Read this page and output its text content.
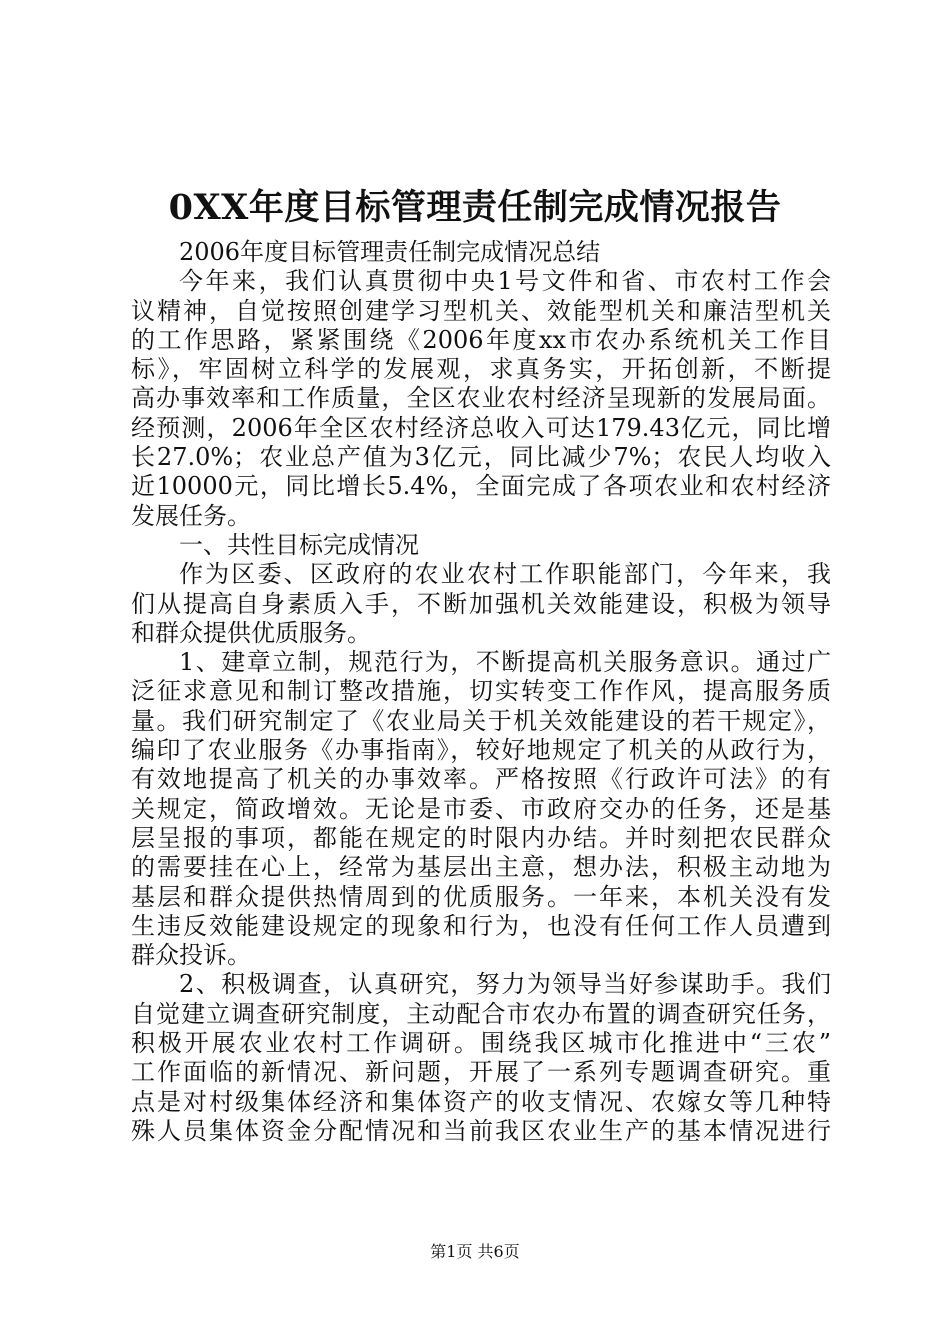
0XX年度目标管理责任制完成情况报告
2006年度目标管理责任制完成情况总结
今年来，我们认真贯彻中央1号文件和省、市农村工作会
议精神，自觉按照创建学习型机关、效能型机关和廉洁型机关
的工作思路，紧紧围绕《2006年度xx市农办系统机关工作目
标》，牢固树立科学的发展观，求真务实，开拓创新，不断提
高办事效率和工作质量，全区农业农村经济呈现新的发展局面。
经预测，2006年全区农村经济总收入可达179.43亿元，同比增
长27.0%；农业总产值为3亿元，同比减少7%；农民人均收入
近10000元，同比增长5.4%，全面完成了各项农业和农村经济
发展任务。
一、共性目标完成情况
作为区委、区政府的农业农村工作职能部门，今年来，我
们从提高自身素质入手，不断加强机关效能建设，积极为领导
和群众提供优质服务。
1、建章立制，规范行为，不断提高机关服务意识。通过广
泛征求意见和制订整改措施，切实转变工作作风，提高服务质
量。我们研究制定了《农业局关于机关效能建设的若干规定》，
编印了农业服务《办事指南》，较好地规定了机关的从政行为，
有效地提高了机关的办事效率。严格按照《行政许可法》的有
关规定，简政增效。无论是市委、市政府交办的任务，还是基
层呈报的事项，都能在规定的时限内办结。并时刻把农民群众
的需要挂在心上，经常为基层出主意，想办法，积极主动地为
基层和群众提供热情周到的优质服务。一年来，本机关没有发
生违反效能建设规定的现象和行为，也没有任何工作人员遭到
群众投诉。
2、积极调查，认真研究，努力为领导当好参谋助手。我们
自觉建立调查研究制度，主动配合市农办布置的调查研究任务，
积极开展农业农村工作调研。围绕我区城市化推进中“三农”
工作面临的新情况、新问题，开展了一系列专题调查研究。重
点是对村级集体经济和集体资产的收支情况、农嫁女等几种特
殊人员集体资金分配情况和当前我区农业生产的基本情况进行
第1页 共6页
